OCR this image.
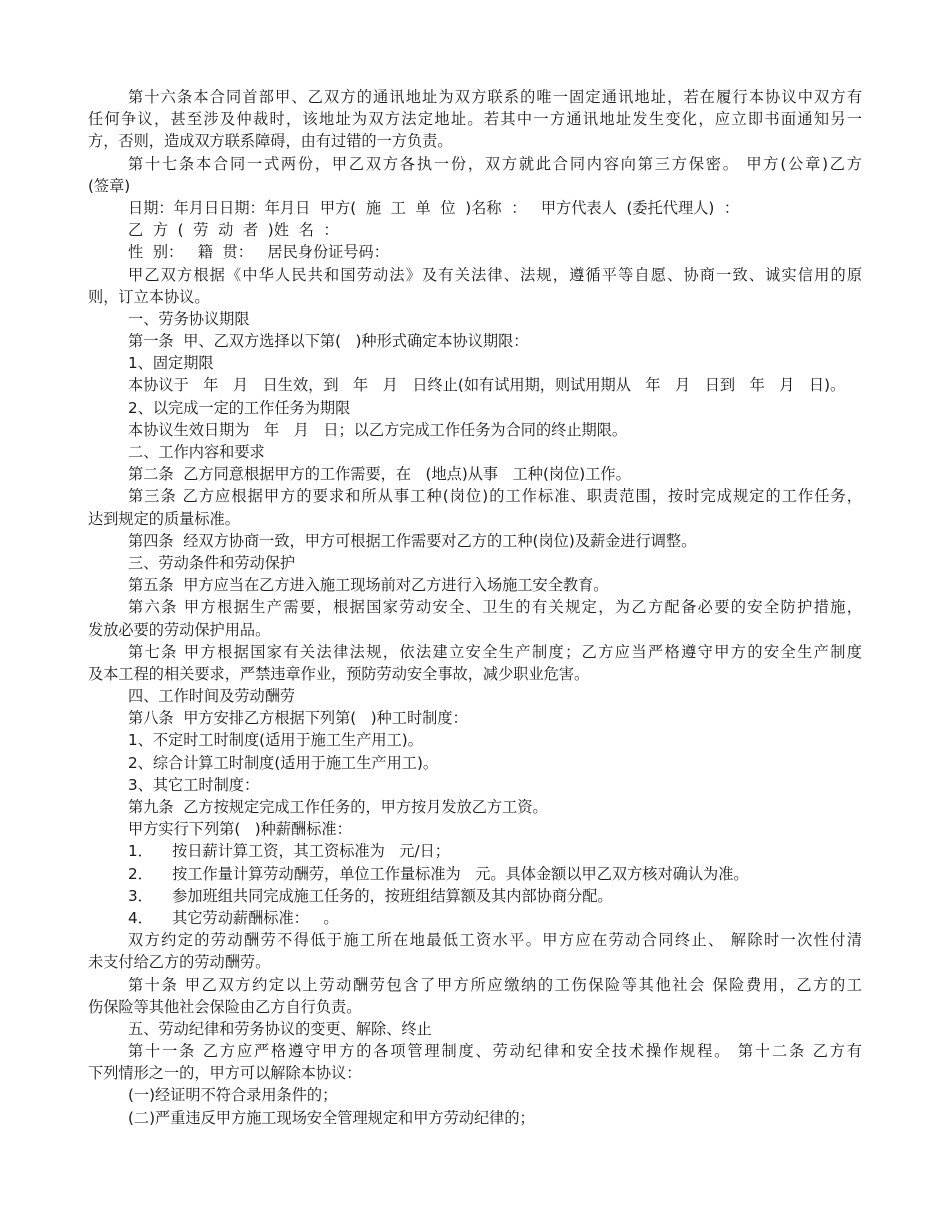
第十六条本合同首部甲、乙双方的通讯地址为双方联系的唯一固定通讯地址，若在履行本协议中双方有
任何争议，甚至涉及仲裁时，该地址为双方法定地址。若其中一方通讯地址发生变化，应立即书面通知另一
方，否则，造成双方联系障碍，由有过错的一方负责。
第十七条本合同一式两份，甲乙双方各执一份，双方就此合同内容向第三方保密。 甲方(公章)乙方
(签章)
日期：年月日日期：年月日  甲方(  施  工  单  位  )名称  ：   甲方代表人  (委托代理人)  ：
乙  方  (  劳  动  者  )姓  名  ：
性  别：   籍  贯：   居民身份证号码：
甲乙双方根据《中华人民共和国劳动法》及有关法律、法规，遵循平等自愿、协商一致、诚实信用的原
则，订立本协议。
一、劳务协议期限
第一条  甲、乙双方选择以下第(   )种形式确定本协议期限：
1、固定期限
本协议于   年   月   日生效，到   年   月   日终止(如有试用期，则试用期从   年   月   日到   年   月   日)。
2、以完成一定的工作任务为期限
本协议生效日期为   年   月   日；以乙方完成工作任务为合同的终止期限。
二、工作内容和要求
第二条  乙方同意根据甲方的工作需要，在   (地点)从事   工种(岗位)工作。
第三条 乙方应根据甲方的要求和所从事工种(岗位)的工作标准、职责范围，按时完成规定的工作任务，
达到规定的质量标准。
第四条  经双方协商一致，甲方可根据工作需要对乙方的工种(岗位)及薪金进行调整。
三、劳动条件和劳动保护
第五条  甲方应当在乙方进入施工现场前对乙方进行入场施工安全教育。
第六条 甲方根据生产需要，根据国家劳动安全、卫生的有关规定，为乙方配备必要的安全防护措施，
发放必要的劳动保护用品。
第七条 甲方根据国家有关法律法规，依法建立安全生产制度；乙方应当严格遵守甲方的安全生产制度
及本工程的相关要求，严禁违章作业，预防劳动安全事故，减少职业危害。
四、工作时间及劳动酬劳
第八条  甲方安排乙方根据下列第(   )种工时制度：
1、不定时工时制度(适用于施工生产用工)。
2、综合计算工时制度(适用于施工生产用工)。
3、其它工时制度：
第九条  乙方按规定完成工作任务的，甲方按月发放乙方工资。
甲方实行下列第(   )种薪酬标准：
1．    按日薪计算工资，其工资标准为   元/日；
2．    按工作量计算劳动酬劳，单位工作量标准为   元。具体金额以甲乙双方核对确认为准。
3．    参加班组共同完成施工任务的，按班组结算额及其内部协商分配。
4．    其它劳动薪酬标准：   。
双方约定的劳动酬劳不得低于施工所在地最低工资水平。甲方应在劳动合同终止、 解除时一次性付清
未支付给乙方的劳动酬劳。
第十条 甲乙双方约定以上劳动酬劳包含了甲方所应缴纳的工伤保险等其他社会 保险费用，乙方的工
伤保险等其他社会保险由乙方自行负责。
五、劳动纪律和劳务协议的变更、解除、终止
第十一条 乙方应严格遵守甲方的各项管理制度、劳动纪律和安全技术操作规程。 第十二条 乙方有
下列情形之一的，甲方可以解除本协议：
(一)经证明不符合录用条件的；
(二)严重违反甲方施工现场安全管理规定和甲方劳动纪律的；
